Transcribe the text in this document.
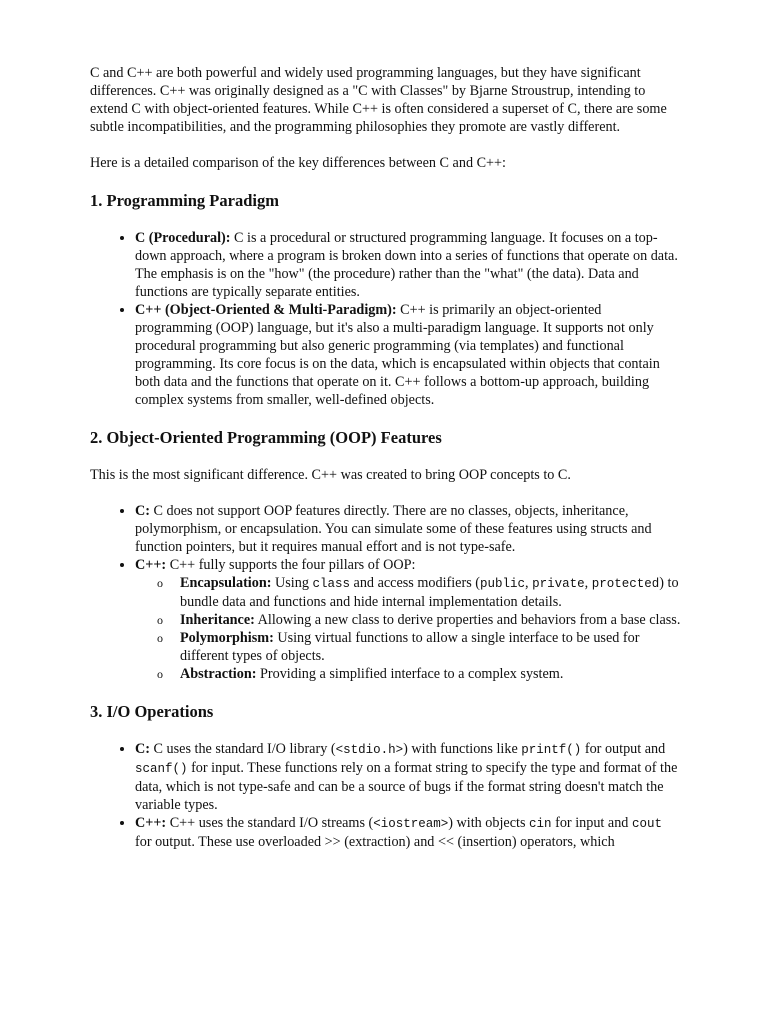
C and C++ are both powerful and widely used programming languages, but they have significant differences. C++ was originally designed as a "C with Classes" by Bjarne Stroustrup, intending to extend C with object-oriented features. While C++ is often considered a superset of C, there are some subtle incompatibilities, and the programming philosophies they promote are vastly different.

Here is a detailed comparison of the key differences between C and C++:

1. Programming Paradigm
• C (Procedural): C is a procedural or structured programming language. It focuses on a top-down approach, where a program is broken down into a series of functions that operate on data. The emphasis is on the "how" (the procedure) rather than the "what" (the data). Data and functions are typically separate entities.
• C++ (Object-Oriented & Multi-Paradigm): C++ is primarily an object-oriented programming (OOP) language, but it's also a multi-paradigm language. It supports not only procedural programming but also generic programming (via templates) and functional programming. Its core focus is on the data, which is encapsulated within objects that contain both data and the functions that operate on it. C++ follows a bottom-up approach, building complex systems from smaller, well-defined objects.
2. Object-Oriented Programming (OOP) Features

This is the most significant difference. C++ was created to bring OOP concepts to C.

• C: C does not support OOP features directly. There are no classes, objects, inheritance, polymorphism, or encapsulation. You can simulate some of these features using structs and function pointers, but it requires manual effort and is not type-safe.
• C++: C++ fully supports the four pillars of OOP:
o Encapsulation: Using class and access modifiers (public, private, protected) to bundle data and functions and hide internal implementation details.
o Inheritance: Allowing a new class to derive properties and behaviors from a base class.
o Polymorphism: Using virtual functions to allow a single interface to be used for different types of objects.
o Abstraction: Providing a simplified interface to a complex system.
3. I/O Operations
• C: C uses the standard I/O library (<stdio.h>) with functions like printf() for output and scanf() for input. These functions rely on a format string to specify the type and format of the data, which is not type-safe and can be a source of bugs if the format string doesn't match the variable types.
• C++: C++ uses the standard I/O streams (<iostream>) with objects cin for input and cout for output. These use overloaded >> (extraction) and << (insertion) operators, which
